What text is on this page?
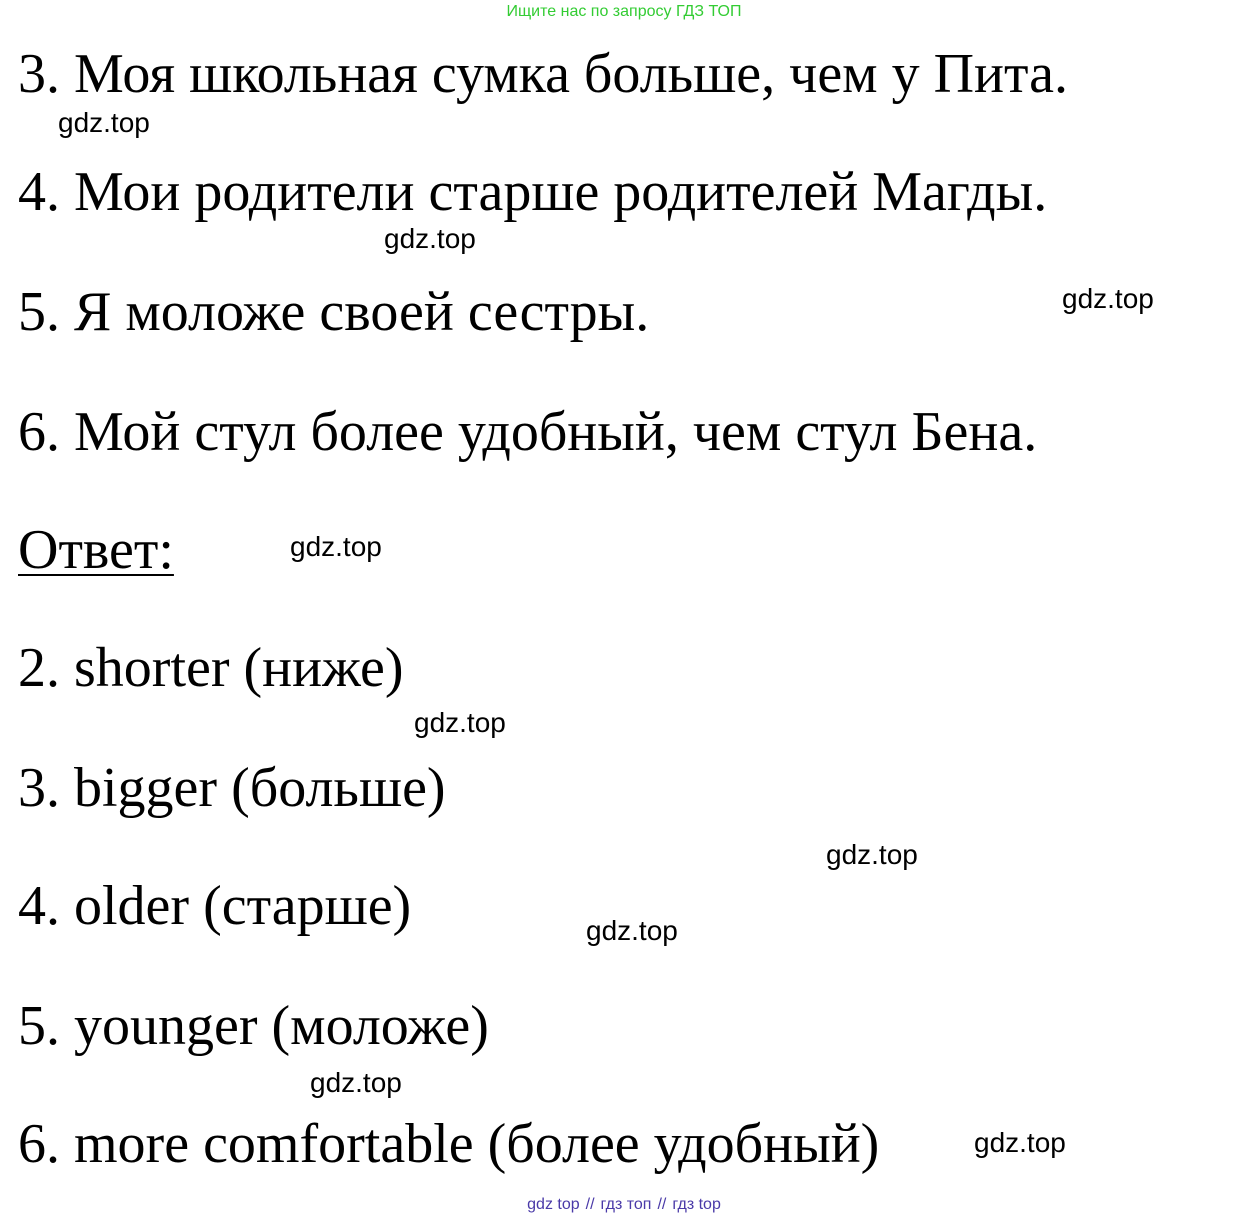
Ищите нас по запросу ГДЗ ТОП
3. Моя школьная сумка больше, чем у Пита.
gdz.top
4. Мои родители старше родителей Магды.
gdz.top
5. Я моложе своей сестры.	gdz.top
6. Мой стул более удобный, чем стул Бена.
Ответ:	gdz.top
2. shorter (ниже)
gdz.top
3. bigger (больше)
gdz.top
4. older (старше)	gdz.top
5. younger (моложе)
gdz.top
6. more comfortable (более удобный)	gdz.top
gdz top // гдз топ // гдз top
